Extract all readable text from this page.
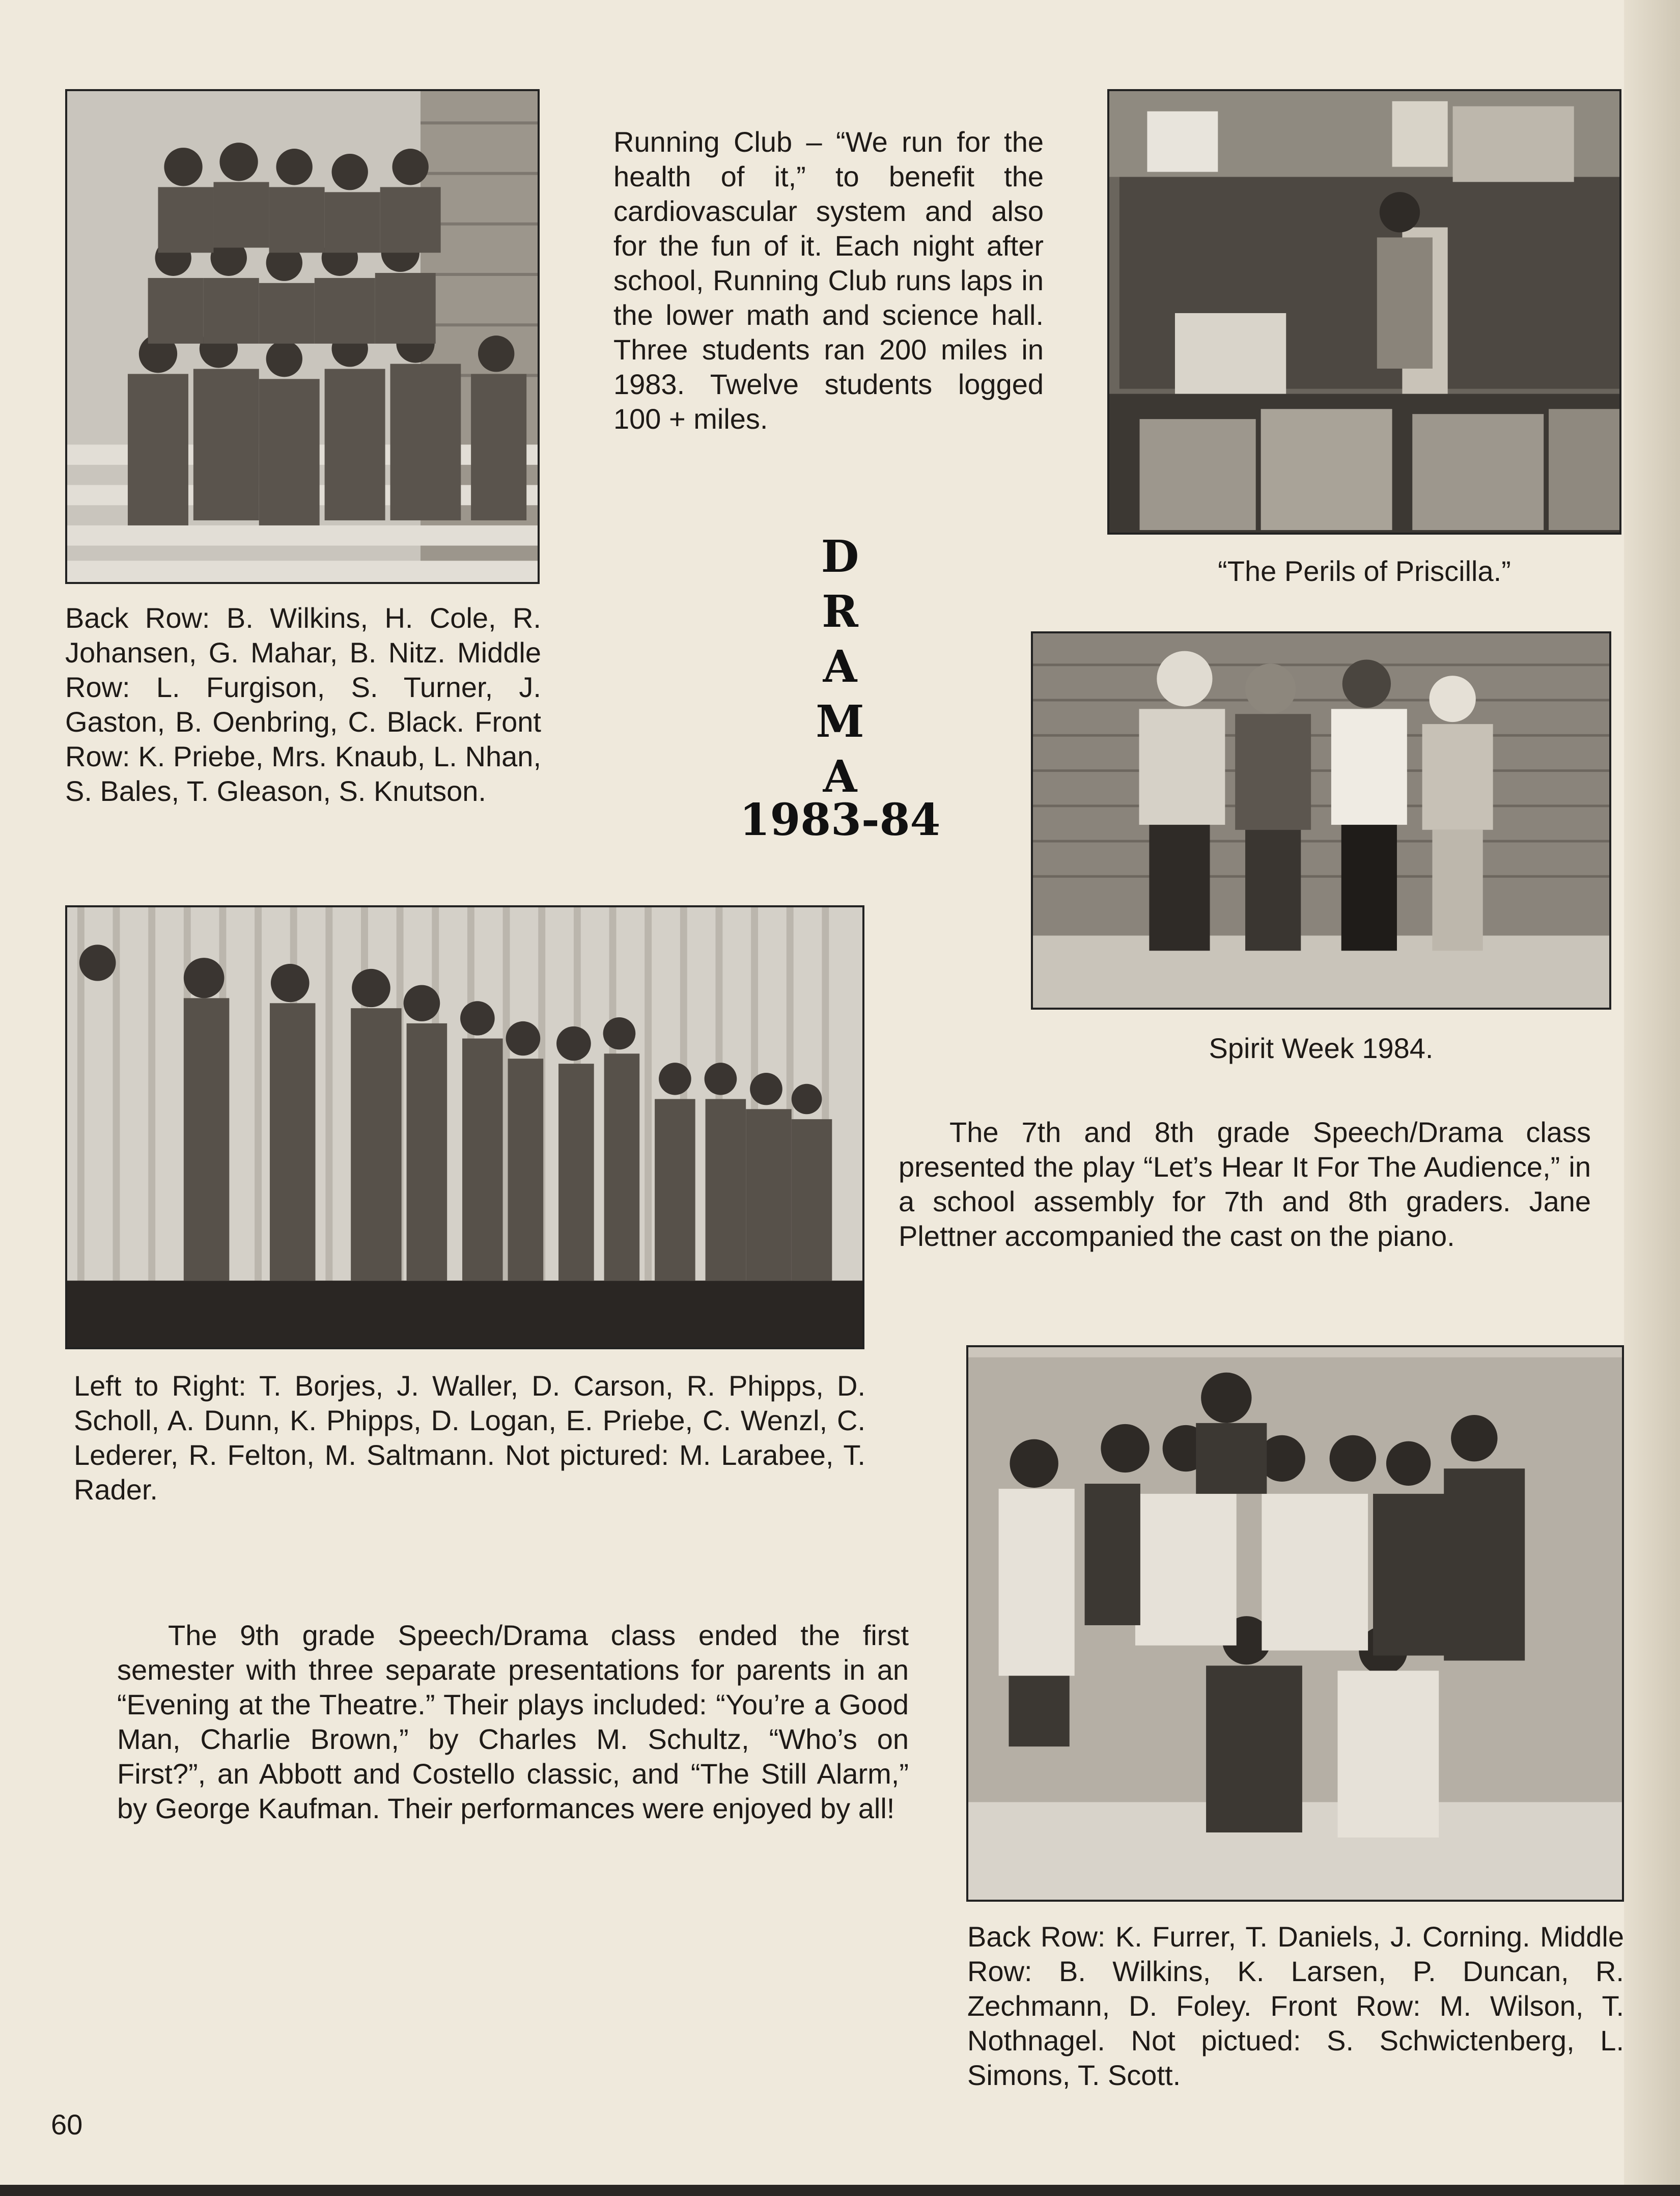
Running Club – “We run for the health of it,” to benefit the cardiovascular system and also for the fun of it. Each night after school, Running Club runs laps in the lower math and science hall. Three students ran 200 miles in 1983. Twelve students logged 100 + miles.
Back Row: B. Wilkins, H. Cole, R. Johansen, G. Mahar, B. Nitz. Middle Row: L. Furgison, S. Turner, J. Gaston, B. Oenbring, C. Black. Front Row: K. Priebe, Mrs. Knaub, L. Nhan, S. Bales, T. Gleason, S. Knutson.
D
R
A
M
A
1983-84
“The Perils of Priscilla.”
Spirit Week 1984.
The 7th and 8th grade Speech/Drama class presented the play “Let’s Hear It For The Audience,” in a school assembly for 7th and 8th graders. Jane Plettner accompanied the cast on the piano.
Left to Right: T. Borjes, J. Waller, D. Carson, R. Phipps, D. Scholl, A. Dunn, K. Phipps, D. Logan, E. Priebe, C. Wenzl, C. Lederer, R. Felton, M. Saltmann. Not pictured: M. Larabee, T. Rader.
The 9th grade Speech/Drama class ended the first semester with three separate presentations for parents in an “Evening at the Theatre.” Their plays included: “You’re a Good Man, Charlie Brown,” by Charles M. Schultz, “Who’s on First?”, an Abbott and Costello classic, and “The Still Alarm,” by George Kaufman. Their performances were enjoyed by all!
Back Row: K. Furrer, T. Daniels, J. Corning. Middle Row: B. Wilkins, K. Larsen, P. Duncan, R. Zechmann, D. Foley. Front Row: M. Wilson, T. Nothnagel. Not pictued: S. Schwictenberg, L. Simons, T. Scott.
60
